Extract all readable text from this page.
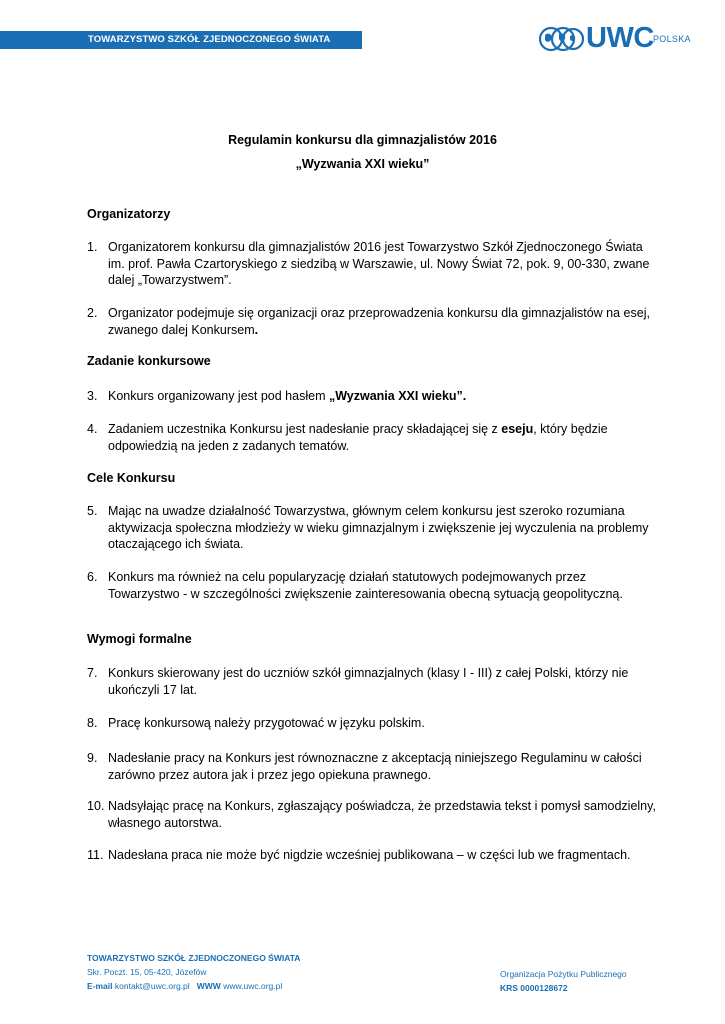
TOWARZYSTWO SZKÓŁ ZJEDNOCZONEGO ŚWIATA	UWC POLSKA
Regulamin konkursu dla gimnazjalistów 2016
„Wyzwania XXI wieku”
Organizatorzy
1. Organizatorem konkursu dla gimnazjalistów 2016 jest Towarzystwo Szkół Zjednoczonego Świata im. prof. Pawła Czartoryskiego z siedzibą w Warszawie, ul. Nowy Świat 72, pok. 9, 00-330, zwane dalej „Towarzystwem”.
2. Organizator podejmuje się organizacji oraz przeprowadzenia konkursu dla gimnazjalistów na esej, zwanego dalej Konkursem.
Zadanie konkursowe
3. Konkurs organizowany jest pod hasłem „Wyzwania XXI wieku”.
4. Zadaniem uczestnika Konkursu jest nadesłanie pracy składającej się z eseju, który będzie odpowiedzią na jeden z zadanych tematów.
Cele Konkursu
5. Mając na uwadze działalność Towarzystwa, głównym celem konkursu jest szeroko rozumiana aktywizacja społeczna młodzieży w wieku gimnazjalnym i zwiększenie jej wyczulenia na problemy otaczającego ich świata.
6. Konkurs ma również na celu popularyzację działań statutowych podejmowanych przez Towarzystwo - w szczególności zwiększenie zainteresowania obecną sytuacją geopolityczną.
Wymogi formalne
7. Konkurs skierowany jest do uczniów szkół gimnazjalnych (klasy I - III) z całej Polski, którzy nie ukończyli 17 lat.
8. Pracę konkursową należy przygotować w języku polskim.
9. Nadesłanie pracy na Konkurs jest równoznaczne z akceptacją niniejszego Regulaminu w całości zarówno przez autora jak i przez jego opiekuna prawnego.
10. Nadsyłając pracę na Konkurs, zgłaszający poświadcza, że przedstawia tekst i pomysł samodzielny, własnego autorstwa.
11. Nadesłana praca nie może być nigdzie wcześniej publikowana – w części lub we fragmentach.
TOWARZYSTWO SZKÓŁ ZJEDNOCZONEGO ŚWIATA
Skr. Poczt. 15, 05-420, Józefów
E-mail kontakt@uwc.org.pl WWW www.uwc.org.pl
Organizacja Pożytku Publicznego
KRS 0000128672
